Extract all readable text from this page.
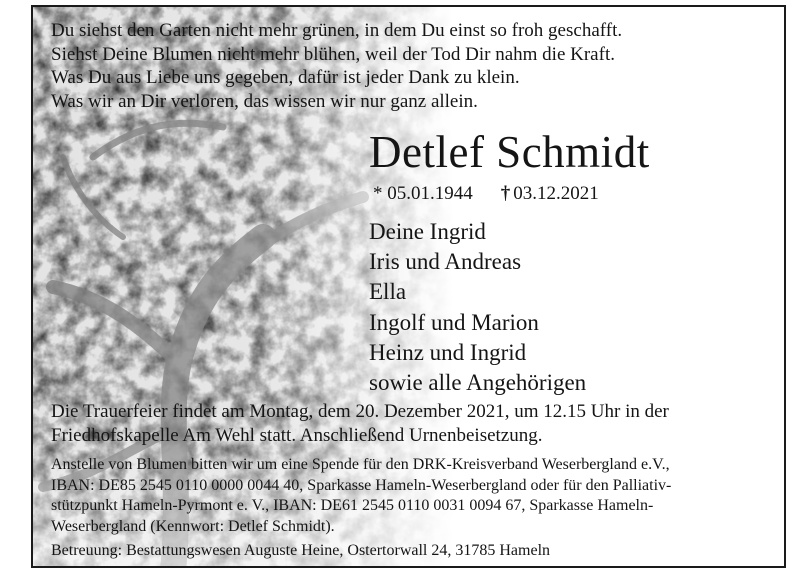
Du siehst den Garten nicht mehr grünen, in dem Du einst so froh geschafft.
Siehst Deine Blumen nicht mehr blühen, weil der Tod Dir nahm die Kraft.
Was Du aus Liebe uns gegeben, dafür ist jeder Dank zu klein.
Was wir an Dir verloren, das wissen wir nur ganz allein.
Detlef Schmidt
* 05.01.1944 † 03.12.2021
Deine Ingrid
Iris und Andreas
Ella
Ingolf und Marion
Heinz und Ingrid
sowie alle Angehörigen
Die Trauerfeier findet am Montag, dem 20. Dezember 2021, um 12.15 Uhr in der
Friedhofskapelle Am Wehl statt. Anschließend Urnenbeisetzung.
Anstelle von Blumen bitten wir um eine Spende für den DRK-Kreisverband Weserbergland e.V.,
IBAN: DE85 2545 0110 0000 0044 40, Sparkasse Hameln-Weserbergland oder für den Palliativ-
stützpunkt Hameln-Pyrmont e. V., IBAN: DE61 2545 0110 0031 0094 67, Sparkasse Hameln-
Weserbergland (Kennwort: Detlef Schmidt).
Betreuung: Bestattungswesen Auguste Heine, Ostertorwall 24, 31785 Hameln
